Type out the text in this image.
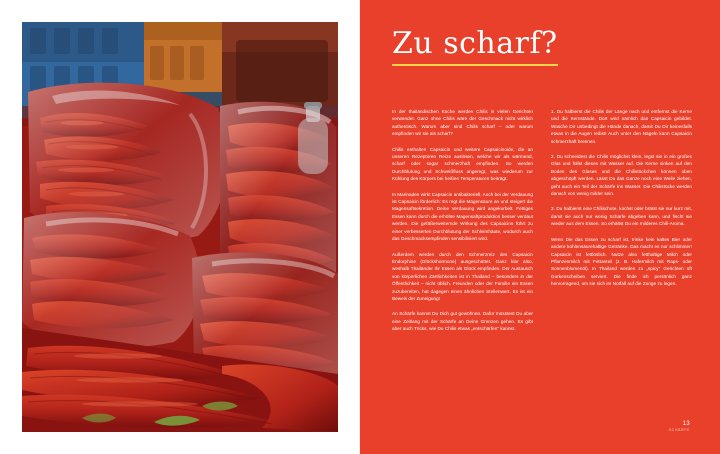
Zu scharf?

In der thailändischen Küche werden Chilis in vielen Gerichten verwendet. Ganz ohne Chilis wäre der Geschmack nicht wirklich authentisch. Warum aber sind Chilis scharf – oder warum empfinden wir sie als scharf?

Chilis enthalten Capsaicin und weitere Capsaicinoide, die an unseren Rezeptoren Reize auslösen, welche wir als wärmend, scharf oder sogar schmerzhaft empfinden. So werden Durchblutung und Schweißfluss angeregt, was wiederum zur Kühlung des Körpers bei heißen Temperaturen beiträgt.

In Marinaden wirkt Capsaicin antibakteriell. Auch bei der Verdauung ist Capsaicin förderlich: Es regt die Magensäure an und steigert die Magensaftsekretion. Deine Verdauung wird angekurbelt. Fettiges Essen kann durch die erhöhte Magensaftproduktion besser verdaut werden. Die gefäßerweiternde Wirkung des Capsaicins führt zu einer verbesserten Durchblutung der Schleimhäute, wodurch auch das Geschmacksempfinden sensibilisiert wird.

Außerdem werden durch den Schmerzreiz des Capsaicin Endorphine (Glückshormone) ausgeschüttet. Ganz klar also, weshalb Thailänder Ihr Essen als Glück empfinden. Der Austausch von körperlichen Zärtlichkeiten ist in Thailand – besonders in der Öffentlichkeit – nicht üblich. Freunden oder der Familie ein Essen zuzubereiten, hat dagegen einen ähnlichen Stellenwert. Es ist ein Beweis der Zuneigung!

An Schärfe kannst Du Dich gut gewöhnen. Dafür müsstest Du aber eine Zeitlang mit der Schärfe an Deine Grenzen gehen. Es gibt aber auch Tricks, wie Du Chilis etwas „entschärfen" kannst.

1. Du halbierst die Chilis der Länge nach und entfernst die Kerne und die Kernstände. Dort wird nämlich das Capsaicin gebildet. Wasche Dir unbedingt die Hände danach, damit Du Dir keinesfalls etwas in die Augen reibst! Auch unter den Nägeln kann Capsaicin schmerzhaft brennen.

2. Du schneidest die Chilis möglichst klein, legst sie in ein großes Glas und füllst dieses mit Wasser auf. Die Kerne sinken auf den Boden des Glases und die Chilistückchen können oben abgeschöpft werden. Lässt Du das Ganze noch eine Weile ziehen, geht auch ein Teil der Schärfe ins Wasser. Die Chilistücke werden danach von wenig milder sein.

3. Du halbierst eine Chilischote, kochst oder brätst sie nur kurz mit, damit sie auch nur wenig Schärfe abgeben kann, und fischt sie wieder aus dem Essen. So erhältst Du ein milderes Chili-Aroma.

Wenn Die das Essen zu scharf ist, trinke kein kaltes Bier oder andere kohlensäurehaltige Getränke. Das macht es nur schlimmer! Capsaicin ist fettlöslich. Nutze also fetthaltige Milch oder Pflanzenmilch mit Fettanteil (z. B. Hafermilch mit Raps- oder Sonnenblumenöl). In Thailand werden zu „spicy" Gerichten oft Gurkenscheiben serviert. Die finde ich persönlich ganz hervorragend, um sie sich im Notfall auf die Zunge zu legen.

13
SCHÄRFE
